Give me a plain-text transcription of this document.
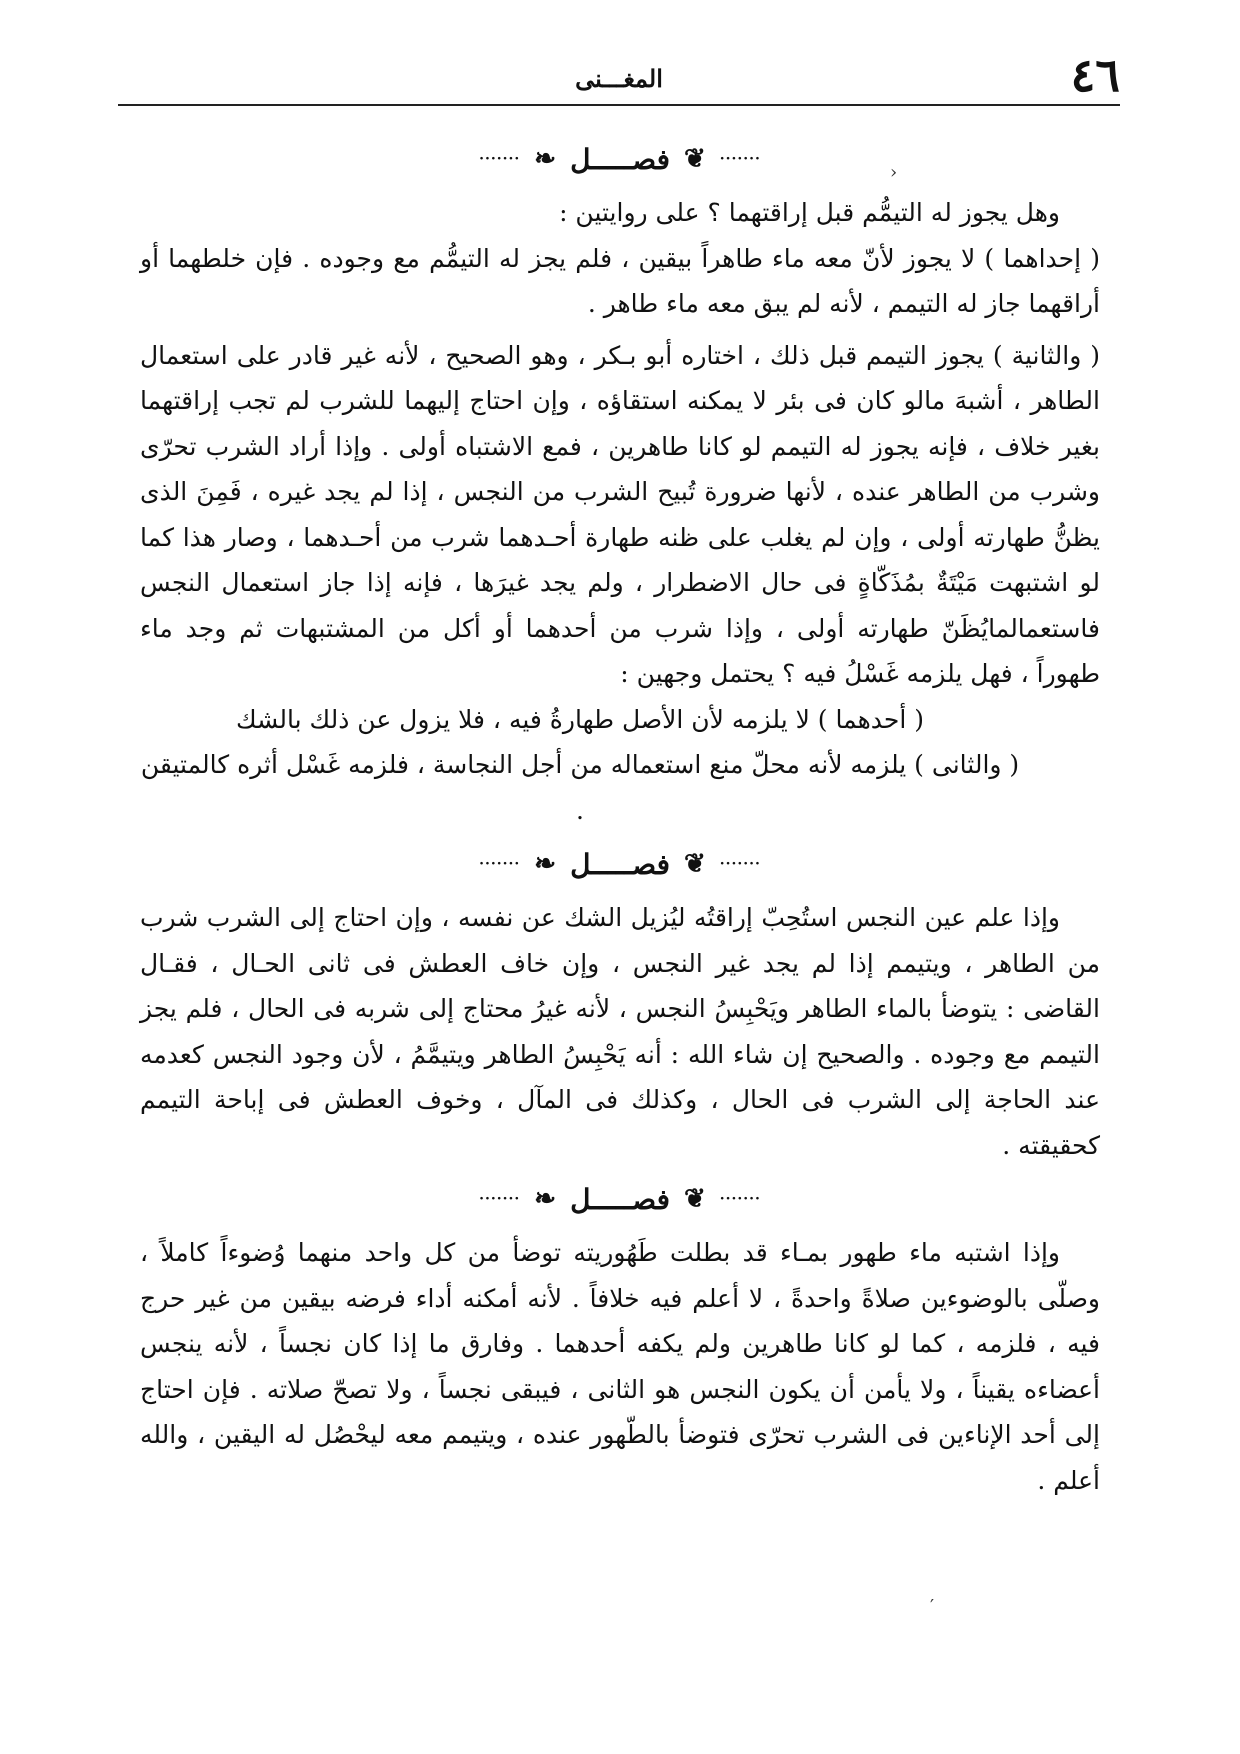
٤٦
المغـــنى
·······
❦
فصـــــل
❧
·······

وهل يجوز له التيمُّم قبل إراقتهما ؟ على روايتين :

( إحداهما ) لا يجوز لأنّ معه ماء طاهراً بيقين ، فلم يجز له التيمُّم مع وجوده . فإن خلطهما أو أراقهما جاز له التيمم ، لأنه لم يبق معه ماء طاهر .

( والثانية ) يجوز التيمم قبل ذلك ، اختاره أبو بـكر ، وهو الصحيح ، لأنه غير قادر على استعمال الطاهر ، أشبهَ مالو كان فى بئر لا يمكنه استقاؤه ، وإن احتاج إليهما للشرب لم تجب إراقتهما بغير خلاف ، فإنه يجوز له التيمم لو كانا طاهرين ، فمع الاشتباه أولى . وإذا أراد الشرب تحرّى وشرب من الطاهر عنده ، لأنها ضرورة تُبيح الشرب من النجس ، إذا لم يجد غيره ، فَمِنَ الذى يظنُّ طهارته أولى ، وإن لم يغلب على ظنه طهارة أحـدهما شرب من أحـدهما ، وصار هذا كما لو اشتبهت مَيْتَةٌ بمُذَكّاةٍ فى حال الاضطرار ، ولم يجد غيرَها ، فإنه إذا جاز استعمال النجس فاستعمالمايُظَنّ طهارته أولى ، وإذا شرب من أحدهما أو أكل من المشتبهات ثم وجد ماء طهوراً ، فهل يلزمه غَسْلُ فيه ؟ يحتمل وجهين :

( أحدهما ) لا يلزمه لأن الأصل طهارةُ فيه ، فلا يزول عن ذلك بالشك

( والثانى ) يلزمه لأنه محلّ منع استعماله من أجل النجاسة ، فلزمه غَسْل أثره كالمتيقن .

·······
❦
فصـــــل
❧
·······

وإذا علم عين النجس استُحِبّ إراقتُه ليُزيل الشك عن نفسه ، وإن احتاج إلى الشرب شرب من الطاهر ، ويتيمم إذا لم يجد غير النجس ، وإن خاف العطش فى ثانى الحـال ، فقـال القاضى : يتوضأ بالماء الطاهر ويَحْبِسُ النجس ، لأنه غيرُ محتاج إلى شربه فى الحال ، فلم يجز التيمم مع وجوده . والصحيح إن شاء الله : أنه يَحْبِسُ الطاهر ويتيمَّمُ ، لأن وجود النجس كعدمه عند الحاجة إلى الشرب فى الحال ، وكذلك فى المآل ، وخوف العطش فى إباحة التيمم كحقيقته .

·······
❦
فصـــــل
❧
·······

وإذا اشتبه ماء طهور بمـاء قد بطلت طَهُوريته توضأ من كل واحد منهما وُضوءاً كاملاً ، وصلّى بالوضوءين صلاةً واحدةً ، لا أعلم فيه خلافاً . لأنه أمكنه أداء فرضه بيقين من غير حرج فيه ، فلزمه ، كما لو كانا طاهرين ولم يكفه أحدهما . وفارق ما إذا كان نجساً ، لأنه ينجس أعضاءه يقيناً ، ولا يأمن أن يكون النجس هو الثانى ، فيبقى نجساً ، ولا تصحّ صلاته . فإن احتاج إلى أحد الإناءين فى الشرب تحرّى فتوضأ بالطّهور عنده ، ويتيمم معه ليحْصُل له اليقين ، والله أعلم .

‹
′
